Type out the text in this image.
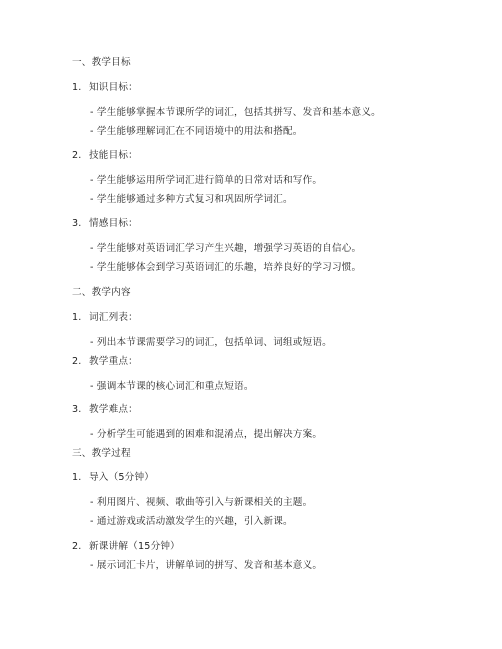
一、教学目标
1. 知识目标：
- 学生能够掌握本节课所学的词汇，包括其拼写、发音和基本意义。
- 学生能够理解词汇在不同语境中的用法和搭配。
2. 技能目标：
- 学生能够运用所学词汇进行简单的日常对话和写作。
- 学生能够通过多种方式复习和巩固所学词汇。
3. 情感目标：
- 学生能够对英语词汇学习产生兴趣，增强学习英语的自信心。
- 学生能够体会到学习英语词汇的乐趣，培养良好的学习习惯。
二、教学内容
1. 词汇列表：
- 列出本节课需要学习的词汇，包括单词、词组或短语。
2. 教学重点：
- 强调本节课的核心词汇和重点短语。
3. 教学难点：
- 分析学生可能遇到的困难和混淆点，提出解决方案。
三、教学过程
1. 导入（5分钟）
- 利用图片、视频、歌曲等引入与新课相关的主题。
- 通过游戏或活动激发学生的兴趣，引入新课。
2. 新课讲解（15分钟）
- 展示词汇卡片，讲解单词的拼写、发音和基本意义。
